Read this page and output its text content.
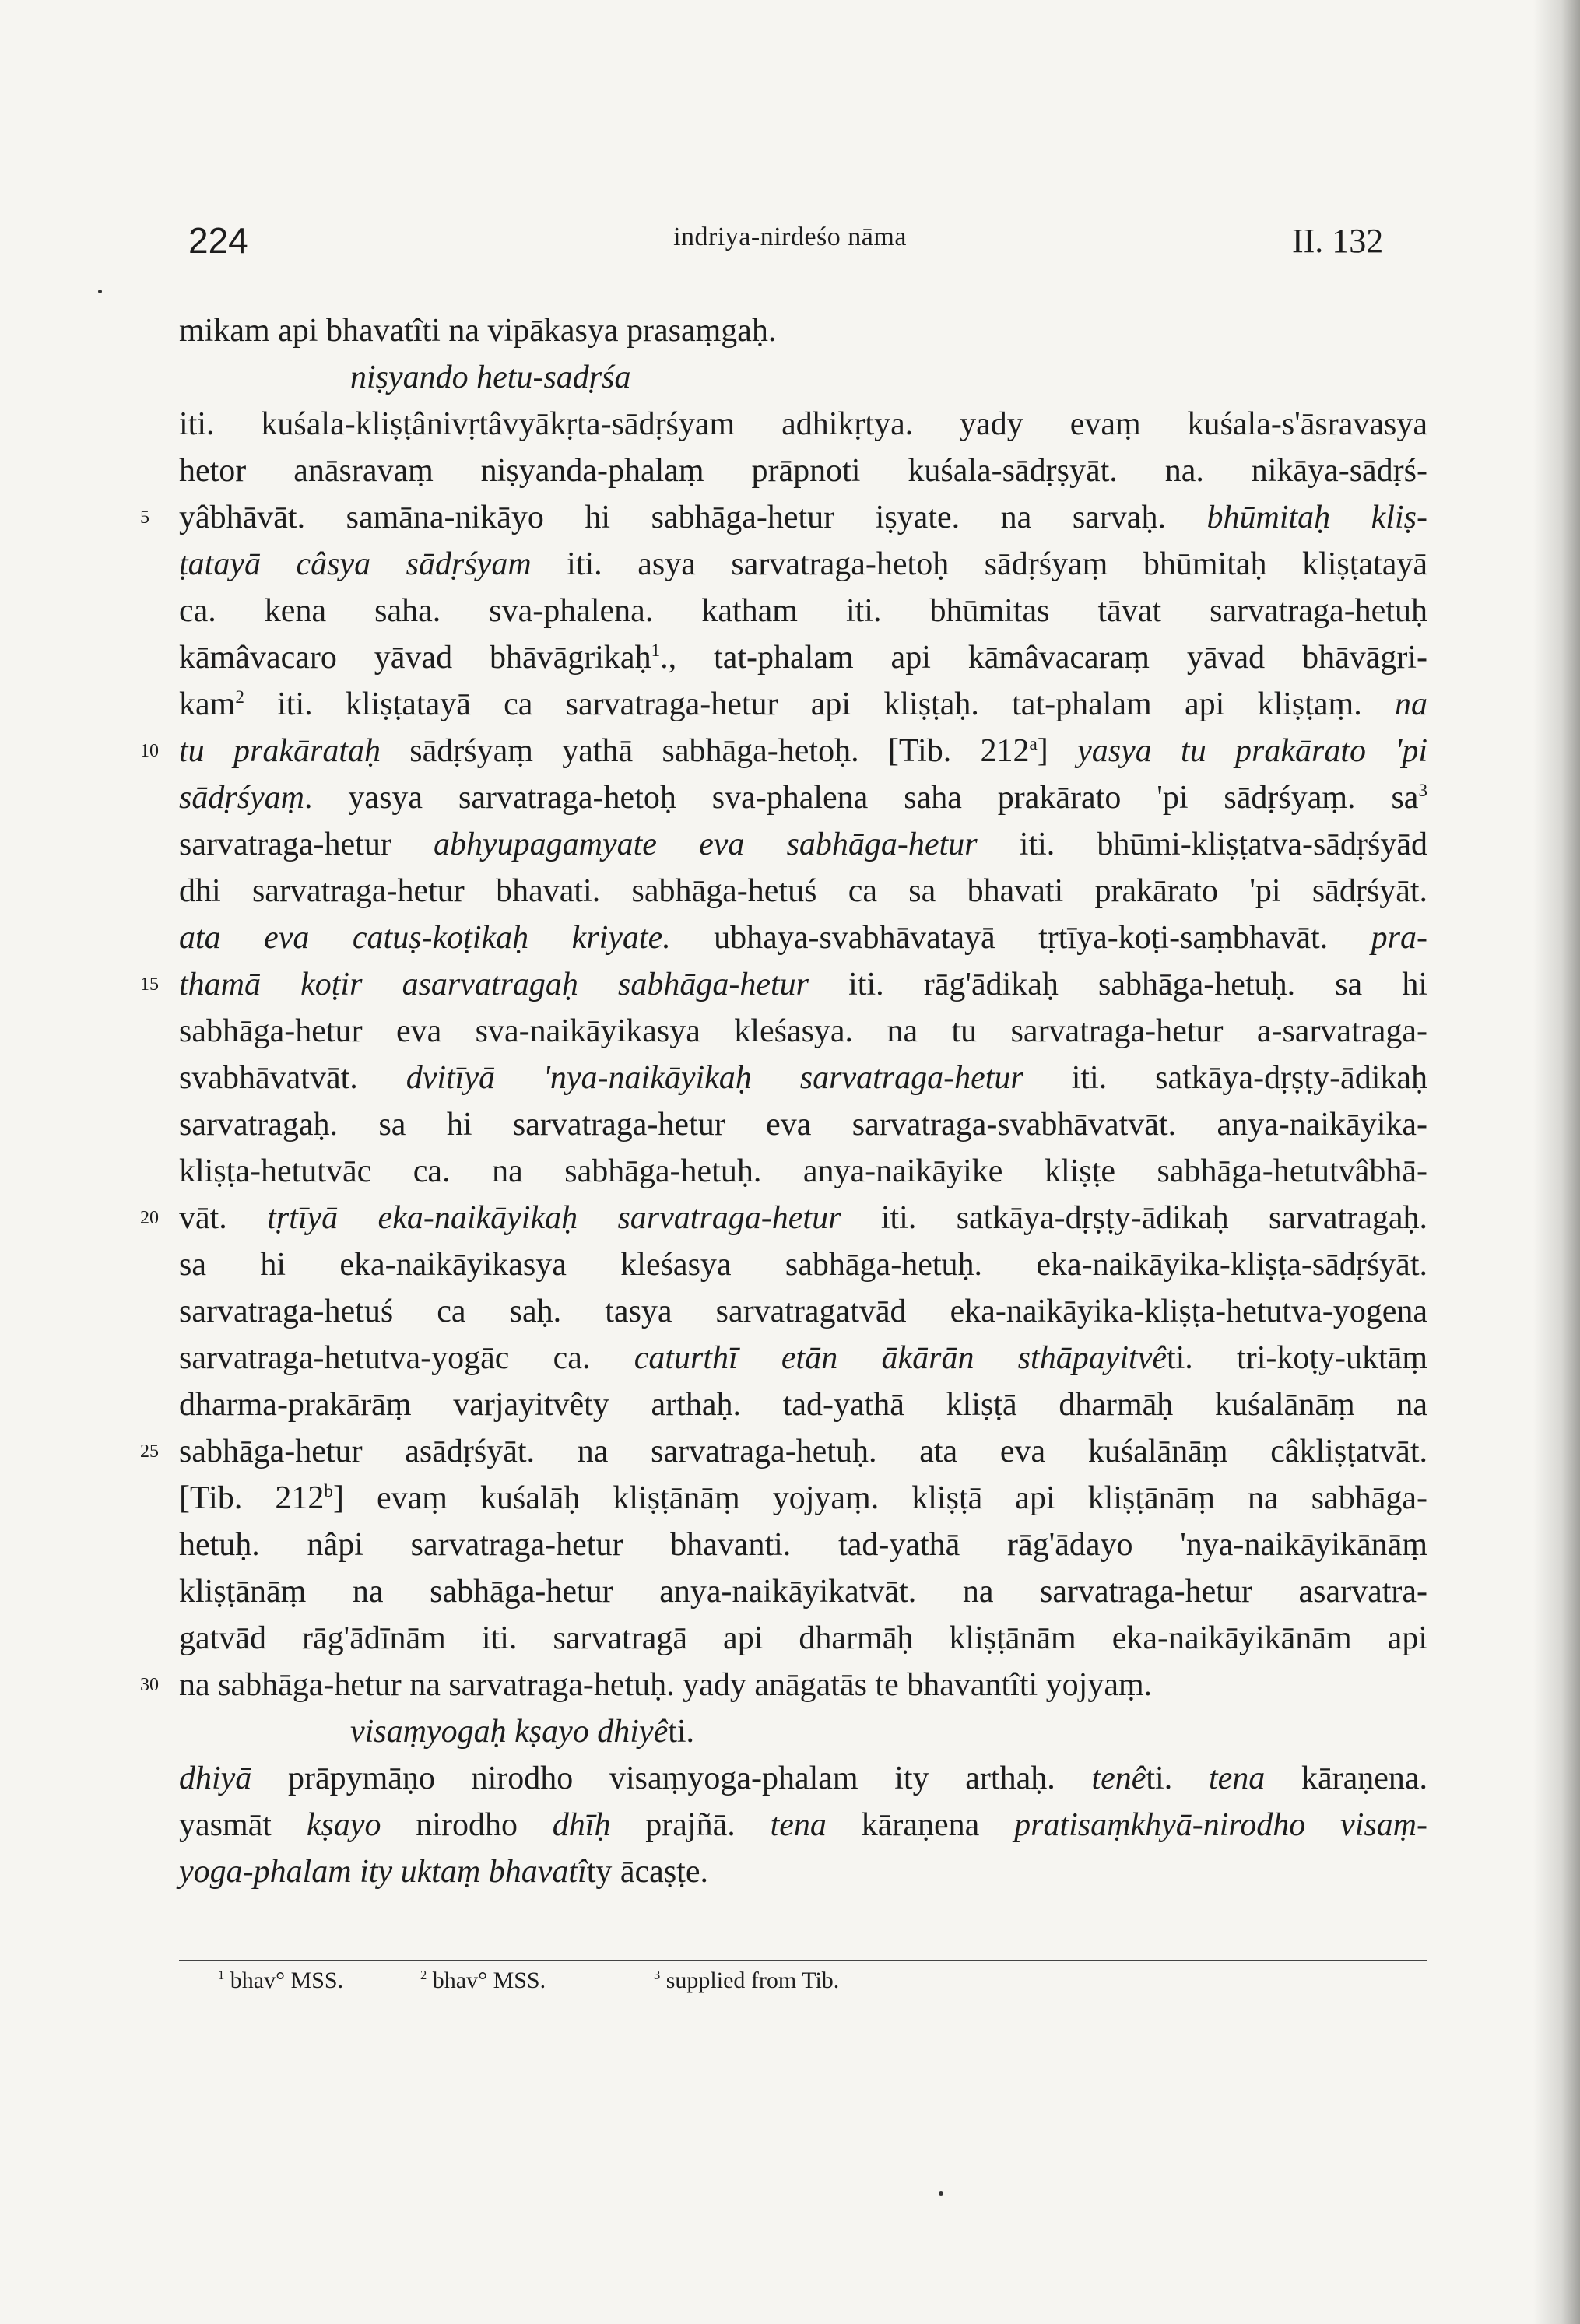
224	indriya-nirdeśo nāma	II. 132
mikam api bhavatîti na vipākasya prasaṃgaḥ.
niṣyando hetu-sadṛśa
iti. kuśala-kliṣṭânivṛtâvyākṛta-sādṛśyam adhikṛtya. yady evaṃ kuśala-s'āsravasya
hetor anāsravaṃ niṣyanda-phalaṃ prāpnoti kuśala-sādṛṣyāt. na. nikāya-sādṛś-
yâbhāvāt. samāna-nikāyo hi sabhāga-hetur iṣyate. na sarvaḥ. bhūmitaḥ kliṣ-
5
ṭatayā câsya sādṛśyam iti. asya sarvatraga-hetoḥ sādṛśyaṃ bhūmitaḥ kliṣṭatayā
ca. kena saha. sva-phalena. katham iti. bhūmitas tāvat sarvatraga-hetuḥ
kāmâvacaro yāvad bhāvāgrikaḥ$^1$., tat-phalam api kāmâvacaraṃ yāvad bhāvāgri-
kam$^2$ iti. kliṣṭatayā ca sarvatraga-hetur api kliṣṭaḥ. tat-phalam api kliṣṭaṃ. na
tu prakārataḥ sādṛśyaṃ yathā sabhāga-hetoḥ. [Tib. 212$^a$] yasya tu prakārato 'pi
10
sādṛśyaṃ. yasya sarvatraga-hetoḥ sva-phalena saha prakārato 'pi sādṛśyaṃ. $sa^3$
sarvatraga-hetur abhyupagamyate eva sabhāga-hetur iti. bhūmi-kliṣṭatva-sādṛśyād
dhi sarvatraga-hetur bhavati. sabhāga-hetuś ca sa bhavati prakārato 'pi sādṛśyāt.
ata eva catuṣ-koṭikaḥ kriyate. ubhaya-svabhāvatayā tṛtīya-koṭi-saṃbhavāt. pra-
thamā koṭir asarvatragaḥ sabhāga-hetur iti. rāg'ādikaḥ sabhāga-hetuḥ. sa hi
15
sabhāga-hetur eva sva-naikāyikasya kleśasya. na tu sarvatraga-hetur a-sarvatraga-
svabhāvatvāt. dvitīyā 'nya-naikāyikaḥ sarvatraga-hetur iti. satkāya-dṛṣṭy-ādikaḥ
sarvatragaḥ. sa hi sarvatraga-hetur eva sarvatraga-svabhāvatvāt. anya-naikāyika-
kliṣṭa-hetutvāc ca. na sabhāga-hetuḥ. anya-naikāyike kliṣṭe sabhāga-hetutvâbhā-
vāt. tṛtīyā eka-naikāyikaḥ sarvatraga-hetur iti. satkāya-dṛṣṭy-ādikaḥ sarvatragaḥ.
20
sa hi eka-naikāyikasya kleśasya sabhāga-hetuḥ. eka-naikāyika-kliṣṭa-sādṛśyāt.
sarvatraga-hetuś ca saḥ. tasya sarvatragatvād eka-naikāyika-kliṣṭa-hetutva-yogena
sarvatraga-hetutva-yogāc ca. caturthī etān ākārān sthāpayitvêti. tri-koṭy-uktāṃ
dharma-prakārāṃ varjayitvêty arthaḥ. tad-yathā kliṣṭā dharmāḥ kuśalānāṃ na
sabhāga-hetur asādṛśyāt. na sarvatraga-hetuḥ. ata eva kuśalānāṃ câkliṣṭatvāt.
25
[Tib. 212$^b$] evaṃ kuśalāḥ kliṣṭānāṃ yojyaṃ. kliṣṭā api kliṣṭānāṃ na sabhāga-
hetuḥ. nâpi sarvatraga-hetur bhavanti. tad-yathā rāg'ādayo 'nya-naikāyikānāṃ
kliṣṭānāṃ na sabhāga-hetur anya-naikāyikatvāt. na sarvatraga-hetur asarvatra-
gatvād rāg'ādīnām iti. sarvatragā api dharmāḥ kliṣṭānām eka-naikāyikānām api
na sabhāga-hetur na sarvatraga-hetuḥ. yady anāgatās te bhavantîti yojyaṃ.
30
visaṃyogaḥ kṣayo dhiyêti.
dhiyā prāpymāṇo nirodho visaṃyoga-phalam ity arthaḥ. tenêti. tena kāraṇena.
yasmāt kṣayo nirodho dhīḥ prajñā. tena kāraṇena pratisaṃkhyā-nirodho visaṃ-
yoga-phalam ity uktaṃ bhavatîty ācaṣṭe.
$^1$ bhav° MSS.	$^2$ bhav° MSS.	$^3$ supplied from Tib.
